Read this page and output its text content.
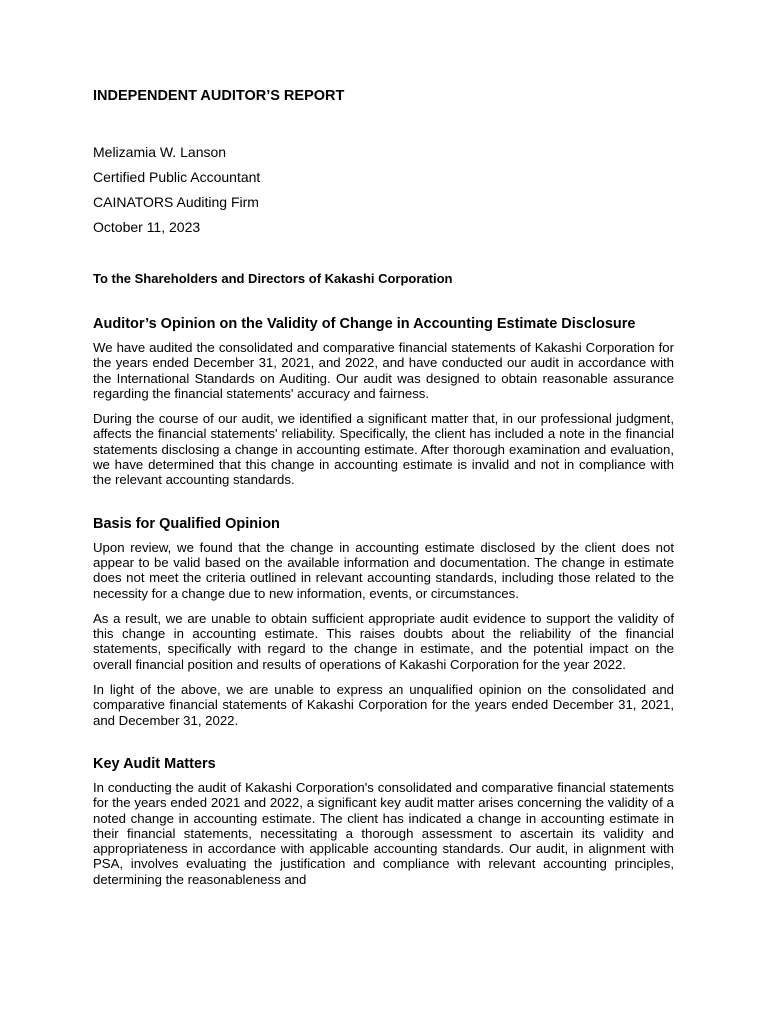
INDEPENDENT AUDITOR’S REPORT

Melizamia W. Lanson

Certified Public Accountant

CAINATORS Auditing Firm

October 11, 2023

To the Shareholders and Directors of Kakashi Corporation

Auditor’s Opinion on the Validity of Change in Accounting Estimate Disclosure

We have audited the consolidated and comparative financial statements of Kakashi Corporation for the years ended December 31, 2021, and 2022, and have conducted our audit in accordance with the International Standards on Auditing. Our audit was designed to obtain reasonable assurance regarding the financial statements' accuracy and fairness.

During the course of our audit, we identified a significant matter that, in our professional judgment, affects the financial statements' reliability. Specifically, the client has included a note in the financial statements disclosing a change in accounting estimate. After thorough examination and evaluation, we have determined that this change in accounting estimate is invalid and not in compliance with the relevant accounting standards.

Basis for Qualified Opinion

Upon review, we found that the change in accounting estimate disclosed by the client does not appear to be valid based on the available information and documentation. The change in estimate does not meet the criteria outlined in relevant accounting standards, including those related to the necessity for a change due to new information, events, or circumstances.

As a result, we are unable to obtain sufficient appropriate audit evidence to support the validity of this change in accounting estimate. This raises doubts about the reliability of the financial statements, specifically with regard to the change in estimate, and the potential impact on the overall financial position and results of operations of Kakashi Corporation for the year 2022.

In light of the above, we are unable to express an unqualified opinion on the consolidated and comparative financial statements of Kakashi Corporation for the years ended December 31, 2021, and December 31, 2022.

Key Audit Matters

In conducting the audit of Kakashi Corporation's consolidated and comparative financial statements for the years ended 2021 and 2022, a significant key audit matter arises concerning the validity of a noted change in accounting estimate. The client has indicated a change in accounting estimate in their financial statements, necessitating a thorough assessment to ascertain its validity and appropriateness in accordance with applicable accounting standards. Our audit, in alignment with PSA, involves evaluating the justification and compliance with relevant accounting principles, determining the reasonableness and
